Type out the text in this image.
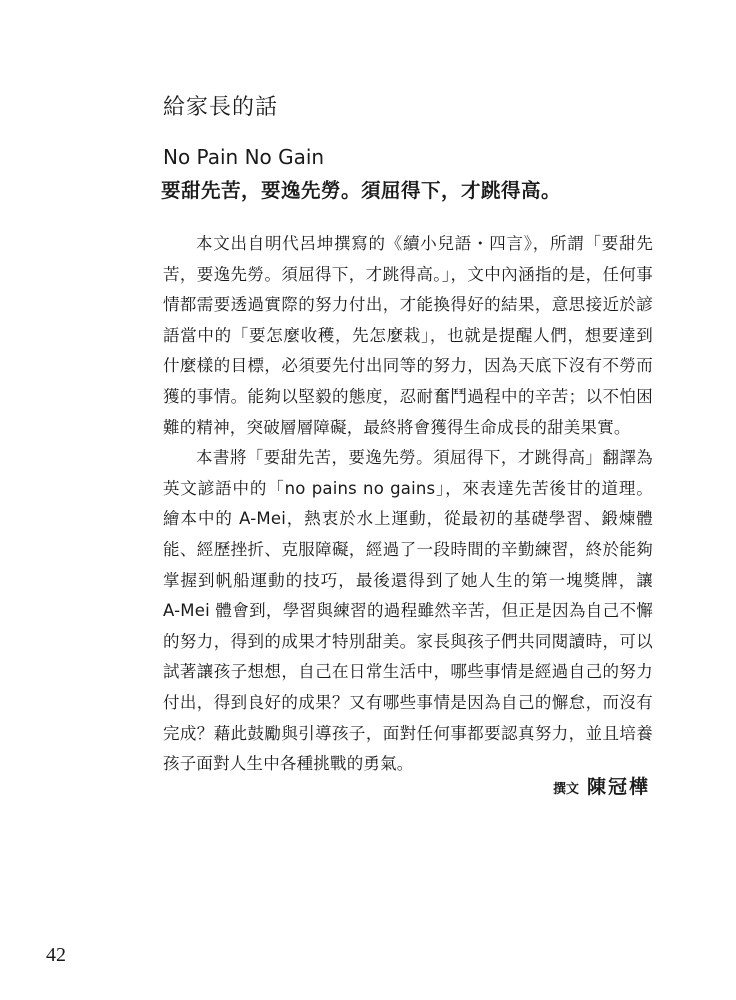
給家長的話
No Pain No Gain
要甜先苦，要逸先勞。須屈得下，才跳得高。

本文出自明代呂坤撰寫的《續小兒語・四言》，所謂「要甜先苦，要逸先勞。須屈得下，才跳得高。」，文中內涵指的是，任何事情都需要透過實際的努力付出，才能換得好的結果，意思接近於諺語當中的「要怎麼收穫，先怎麼栽」，也就是提醒人們，想要達到什麼樣的目標，必須要先付出同等的努力，因為天底下沒有不勞而獲的事情。能夠以堅毅的態度，忍耐奮鬥過程中的辛苦；以不怕困難的精神，突破層層障礙，最終將會獲得生命成長的甜美果實。

本書將「要甜先苦，要逸先勞。須屈得下，才跳得高」翻譯為英文諺語中的「no pains no gains」，來表達先苦後甘的道理。繪本中的 A-Mei，熱衷於水上運動，從最初的基礎學習、鍛煉體能、經歷挫折、克服障礙，經過了一段時間的辛勤練習，終於能夠掌握到帆船運動的技巧，最後還得到了她人生的第一塊獎牌，讓 A-Mei 體會到，學習與練習的過程雖然辛苦，但正是因為自己不懈的努力，得到的成果才特別甜美。家長與孩子們共同閱讀時，可以試著讓孩子想想，自己在日常生活中，哪些事情是經過自己的努力付出，得到良好的成果？又有哪些事情是因為自己的懈怠，而沒有完成？藉此鼓勵與引導孩子，面對任何事都要認真努力，並且培養孩子面對人生中各種挑戰的勇氣。

撰文 陳冠樺
42
